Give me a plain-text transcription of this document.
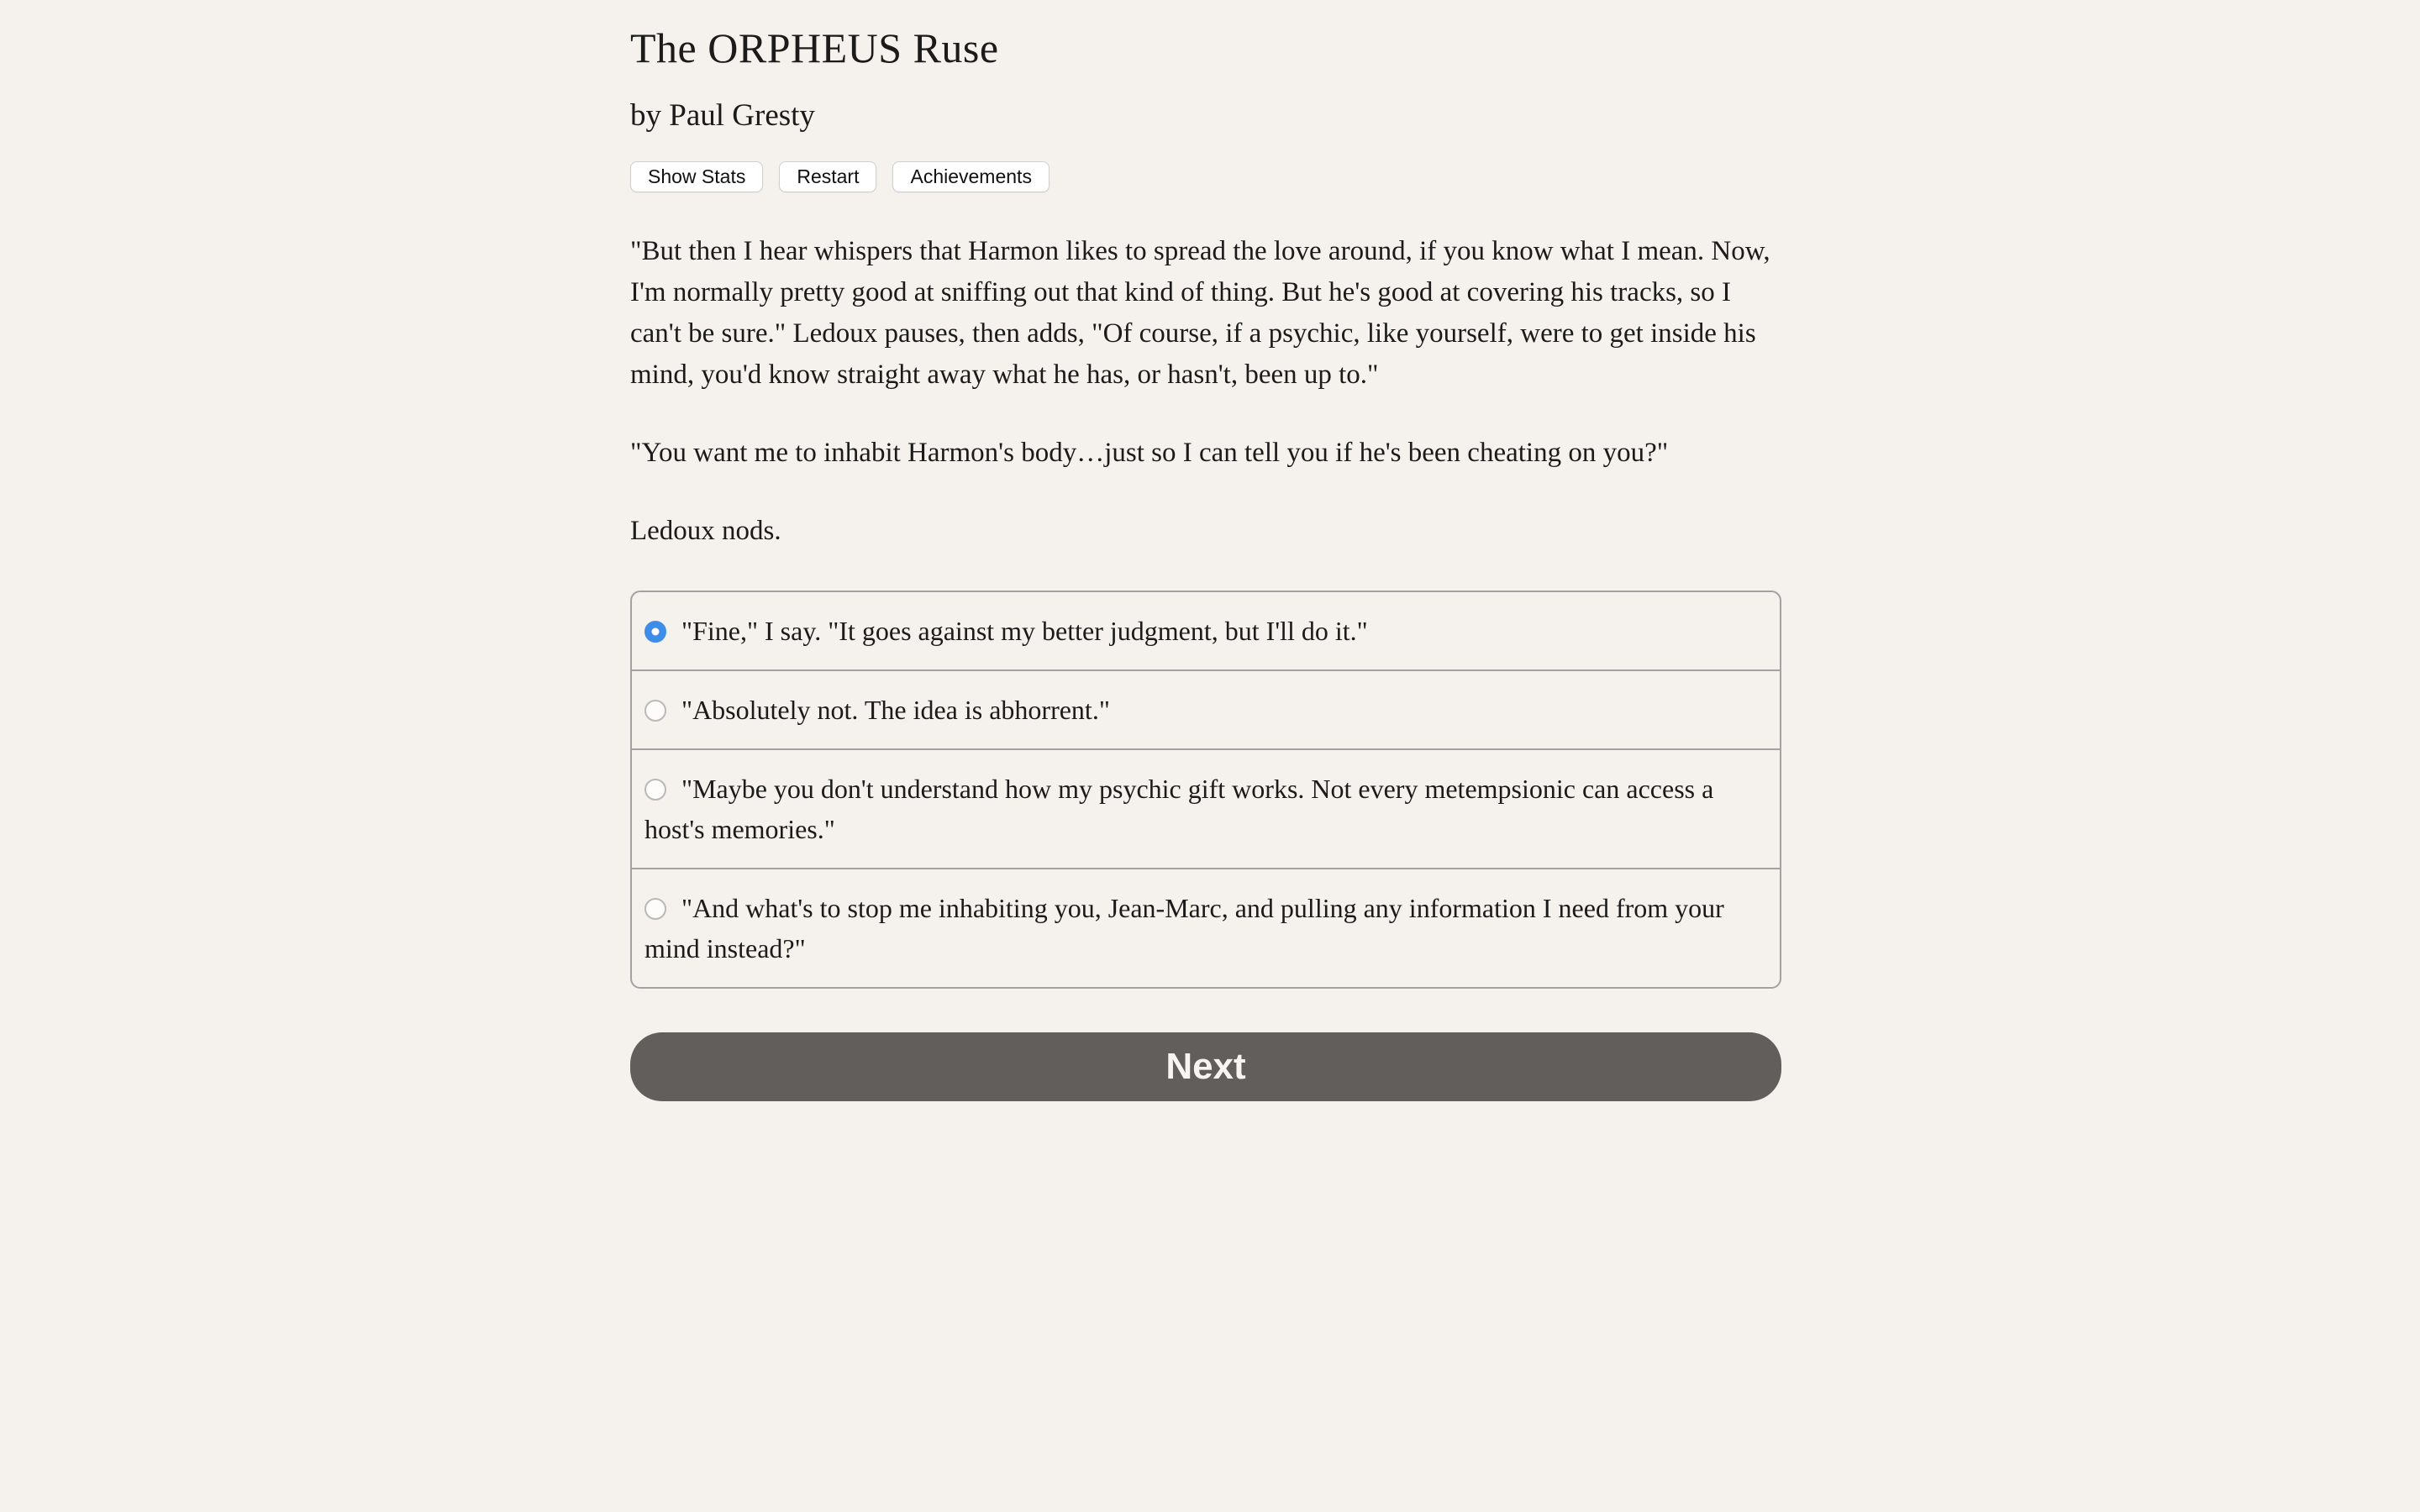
The ORPHEUS Ruse

by Paul Gresty

Show Stats	Restart	Achievements

"But then I hear whispers that Harmon likes to spread the love around, if you know what I mean. Now, I'm normally pretty good at sniffing out that kind of thing. But he's good at covering his tracks, so I can't be sure." Ledoux pauses, then adds, "Of course, if a psychic, like yourself, were to get inside his mind, you'd know straight away what he has, or hasn't, been up to."

"You want me to inhabit Harmon's body…just so I can tell you if he's been cheating on you?"

Ledoux nods.

"Fine," I say. "It goes against my better judgment, but I'll do it."
"Absolutely not. The idea is abhorrent."
"Maybe you don't understand how my psychic gift works. Not every metempsionic can access a host's memories."
"And what's to stop me inhabiting you, Jean-Marc, and pulling any information I need from your mind instead?"
Next
